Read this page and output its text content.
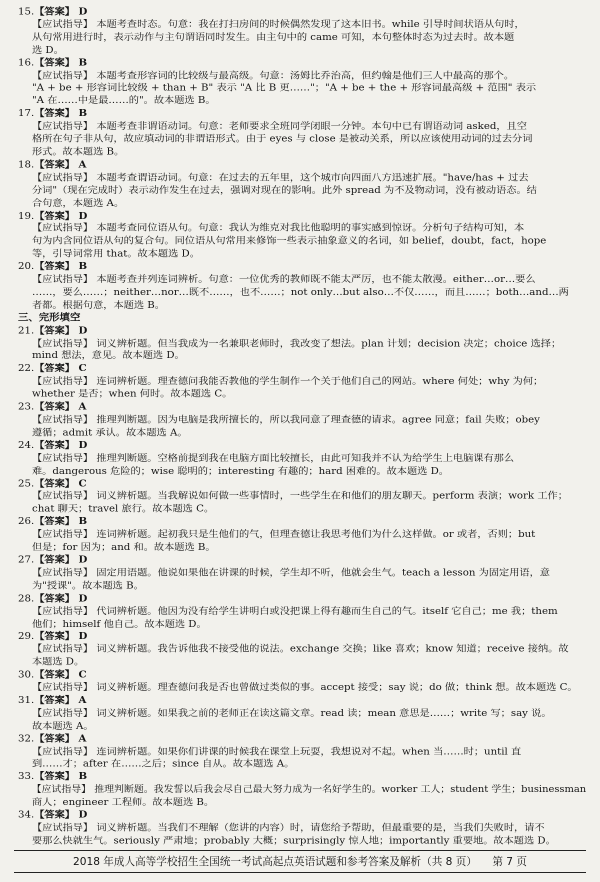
15.【答案】 D
【应试指导】 本题考查时态。句意：我在打扫房间的时候偶然发现了这本旧书。while 引导时间状语从句时，
从句常用进行时，表示动作与主句谓语同时发生。由主句中的 came 可知，本句整体时态为过去时。故本题
选 D。
16.【答案】 B
【应试指导】 本题考查形容词的比较级与最高级。句意：汤姆比乔治高，但约翰是他们三人中最高的那个。
"A + be + 形容词比较级 + than + B" 表示 "A 比 B 更……"；"A + be + the + 形容词最高级 + 范围" 表示
"A 在……中是最……的"。故本题选 B。
17.【答案】 B
【应试指导】 本题考查非谓语动词。句意：老师要求全班同学闭眼一分钟。本句中已有谓语动词 asked，且空
格所在句子非从句，故应填动词的非谓语形式。由于 eyes 与 close 是被动关系，所以应该使用动词的过去分词
形式。故本题选 B。
18.【答案】 A
【应试指导】 本题考查谓语动词。句意：在过去的五年里，这个城市向四面八方迅速扩展。"have/has + 过去
分词"（现在完成时）表示动作发生在过去，强调对现在的影响。此外 spread 为不及物动词，没有被动语态。结
合句意，本题选 A。
19.【答案】 D
【应试指导】 本题考查同位语从句。句意：我认为维克对我比他聪明的事实感到惊讶。分析句子结构可知，本
句为内含同位语从句的复合句。同位语从句常用来修饰一些表示抽象意义的名词，如 belief，doubt，fact，hope
等，引导词常用 that。故本题选 D。
20.【答案】 B
【应试指导】 本题考查并列连词辨析。句意：一位优秀的教师既不能太严厉，也不能太散漫。either…or…要么
……，要么……；neither…nor…既不……，也不……；not only…but also…不仅……，而且……；both…and…两
者都。根据句意，本题选 B。
三、完形填空
21.【答案】 D
【应试指导】 词义辨析题。但当我成为一名兼职老师时，我改变了想法。plan 计划；decision 决定；choice 选择；
mind 想法，意见。故本题选 D。
22.【答案】 C
【应试指导】 连词辨析题。理查德问我能否教他的学生制作一个关于他们自己的网站。where 何处；why 为何；
whether 是否；when 何时。故本题选 C。
23.【答案】 A
【应试指导】 推理判断题。因为电脑是我所擅长的，所以我同意了理查德的请求。agree 同意；fail 失败；obey
遵循；admit 承认。故本题选 A。
24.【答案】 D
【应试指导】 推理判断题。空格前提到我在电脑方面比较擅长，由此可知我并不认为给学生上电脑课有那么
难。dangerous 危险的；wise 聪明的；interesting 有趣的；hard 困难的。故本题选 D。
25.【答案】 C
【应试指导】 词义辨析题。当我解说如何做一些事情时，一些学生在和他们的朋友聊天。perform 表演；work 工作；
chat 聊天；travel 旅行。故本题选 C。
26.【答案】 B
【应试指导】 连词辨析题。起初我只是生他们的气，但理查德让我思考他们为什么这样做。or 或者，否则；but
但是；for 因为；and 和。故本题选 B。
27.【答案】 D
【应试指导】 固定用语题。他说如果他在讲课的时候，学生却不听，他就会生气。teach a lesson 为固定用语，意
为"授课"。故本题选 B。
28.【答案】 D
【应试指导】 代词辨析题。他因为没有给学生讲明白或没把课上得有趣而生自己的气。itself 它自己；me 我；them
他们；himself 他自己。故本题选 D。
29.【答案】 D
【应试指导】 词义辨析题。我告诉他我不接受他的说法。exchange 交换；like 喜欢；know 知道；receive 接纳。故
本题选 D。
30.【答案】 C
【应试指导】 词义辨析题。理查德问我是否也曾做过类似的事。accept 接受；say 说；do 做；think 想。故本题选 C。
31.【答案】 A
【应试指导】 词义辨析题。如果我之前的老师正在读这篇文章。read 读；mean 意思是……；write 写；say 说。
故本题选 A。
32.【答案】 A
【应试指导】 连词辨析题。如果你们讲课的时候我在课堂上玩耍，我想说对不起。when 当……时；until 直
到……才；after 在……之后；since 自从。故本题选 A。
33.【答案】 B
【应试指导】 推理判断题。我发誓以后我会尽自己最大努力成为一名好学生的。worker 工人；student 学生；businessman
商人；engineer 工程师。故本题选 B。
34.【答案】 D
【应试指导】 词义辨析题。当我们不理解（您讲的内容）时，请您给予帮助，但最重要的是，当我们失败时，请不
要那么快就生气。seriously 严肃地；probably 大概；surprisingly 惊人地；importantly 重要地。故本题选 D。
2018 年成人高等学校招生全国统一考试高起点英语试题和参考答案及解析（共 8 页） 第 7 页
